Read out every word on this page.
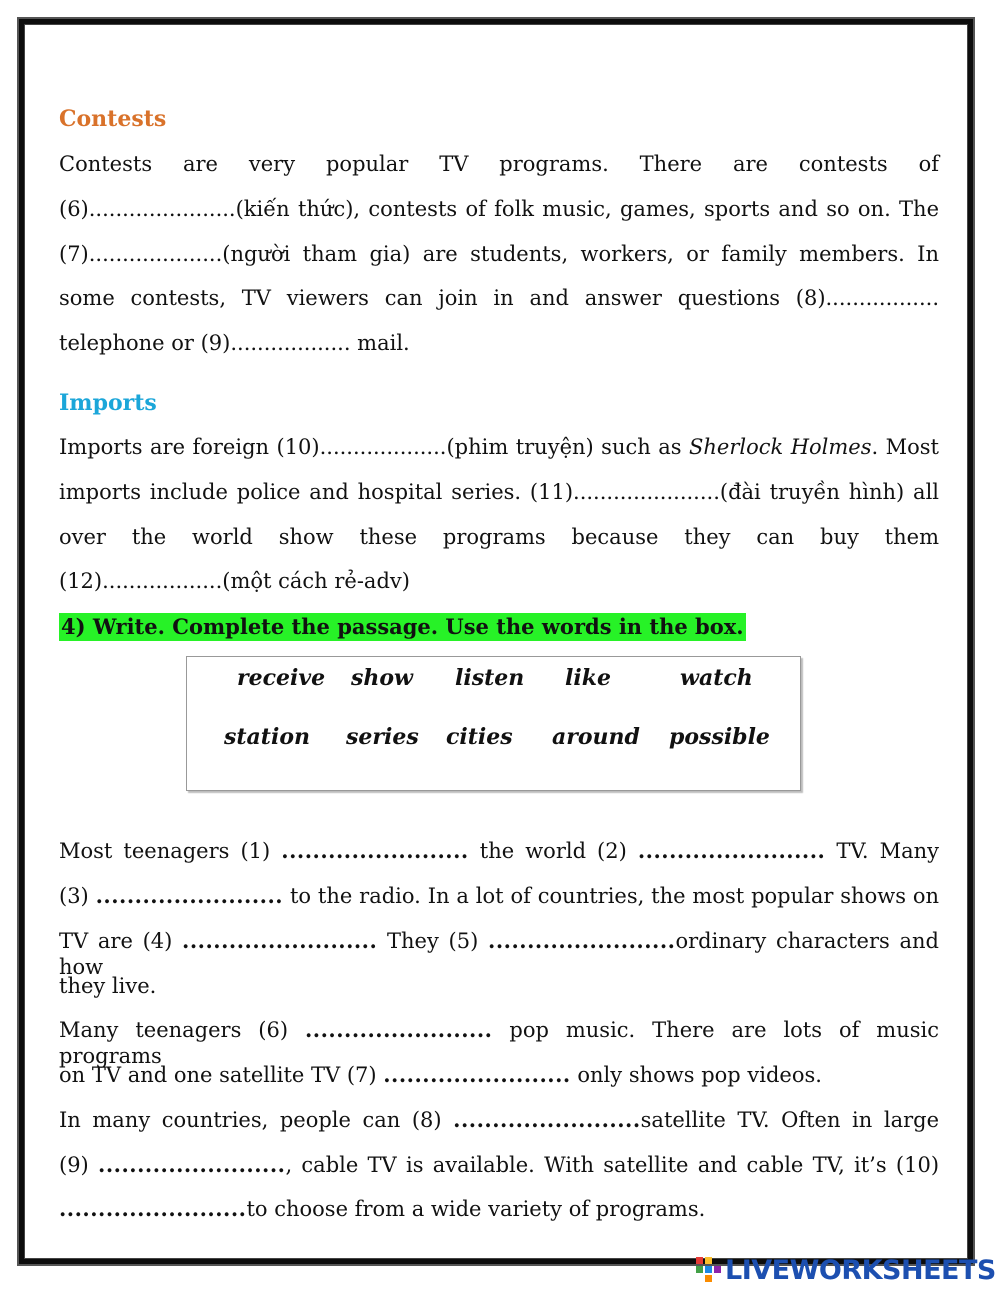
Contests

Contests are very popular TV programs. There are contests of

(6)......................(kiến thức), contests of folk music, games, sports and so on. The

(7)....................(người tham gia) are students, workers, or family members. In

some contests, TV viewers can join in and answer questions (8).................

telephone or (9).................. mail.

Imports

Imports are foreign (10)...................(phim truyện) such as Sherlock Holmes. Most

imports include police and hospital series. (11)......................(đài truyền hình) all

over the world show these programs because they can buy them

(12)..................(một cách rẻ-adv)

4) Write. Complete the passage. Use the words in the box.
receive show listen like	watch
station series cities around possible

Most teenagers (1) ........................ the world (2) ........................ TV. Many

(3) ........................ to the radio. In a lot of countries, the most popular shows on

TV are (4) ......................... They (5) ........................ordinary characters and how

they live.

Many teenagers (6) ........................ pop music. There are lots of music programs

on TV and one satellite TV (7) ........................ only shows pop videos.

In many countries, people can (8) ........................satellite TV. Often in large

(9) ........................, cable TV is available. With satellite and cable TV, it’s (10)

........................to choose from a wide variety of programs.

LIVEWORKSHEETS
